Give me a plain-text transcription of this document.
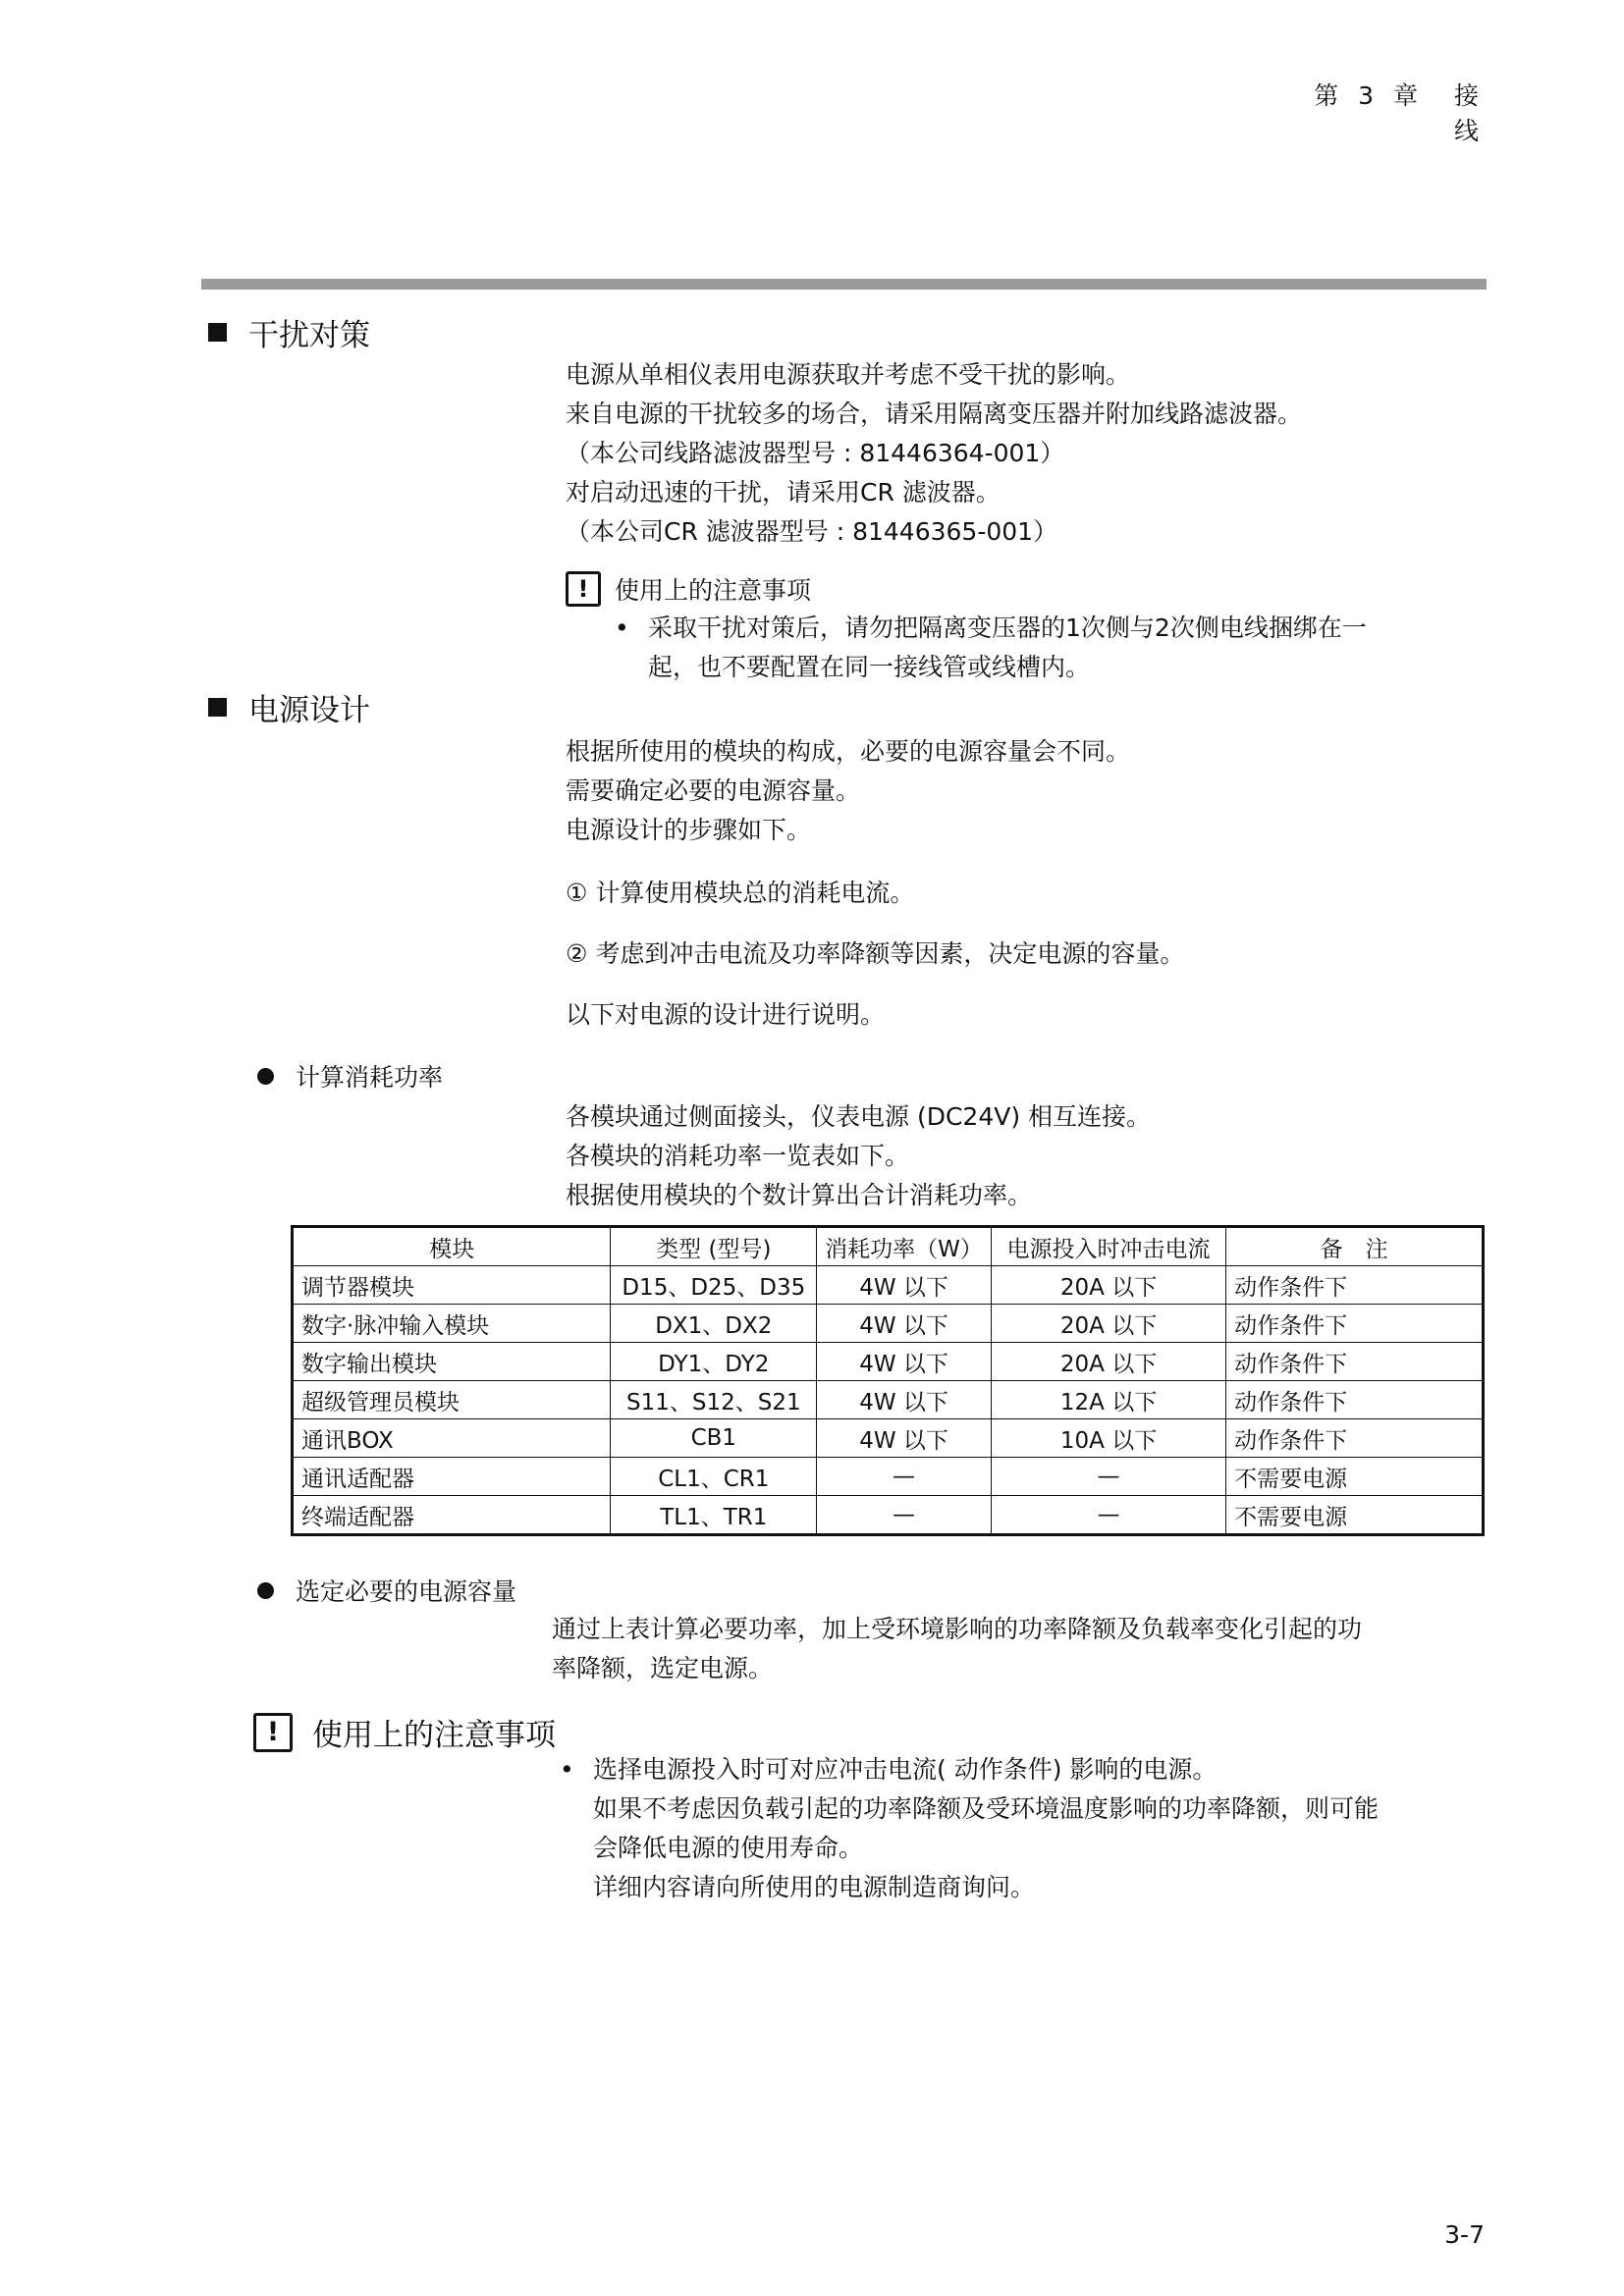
第 3 章　接　线
干扰对策
电源从单相仪表用电源获取并考虑不受干扰的影响。
来自电源的干扰较多的场合，请采用隔离变压器并附加线路滤波器。
（本公司线路滤波器型号 : 81446364-001）
对启动迅速的干扰，请采用CR 滤波器。
（本公司CR 滤波器型号 : 81446365-001）
!	使用上的注意事项
• 采取干扰对策后，请勿把隔离变压器的1次侧与2次侧电线捆绑在一
起，也不要配置在同一接线管或线槽内。
电源设计
根据所使用的模块的构成，必要的电源容量会不同。
需要确定必要的电源容量。
电源设计的步骤如下。
① 计算使用模块总的消耗电流。
② 考虑到冲击电流及功率降额等因素，决定电源的容量。
以下对电源的设计进行说明。
计算消耗功率
各模块通过侧面接头，仪表电源 (DC24V) 相互连接。
各模块的消耗功率一览表如下。
根据使用模块的个数计算出合计消耗功率。
模块	类型 (型号)	消耗功率（W）	电源投入时冲击电流	备　注
调节器模块	D15、D25、D35	4W 以下	20A 以下	动作条件下
数字·脉冲输入模块	DX1、DX2	4W 以下	20A 以下	动作条件下
数字输出模块	DY1、DY2	4W 以下	20A 以下	动作条件下
超级管理员模块	S11、S12、S21	4W 以下	12A 以下	动作条件下
通讯BOX	CB1	4W 以下	10A 以下	动作条件下
通讯适配器	CL1、CR1	—	—	不需要电源
终端适配器	TL1、TR1	—	—	不需要电源
选定必要的电源容量
通过上表计算必要功率，加上受环境影响的功率降额及负载率变化引起的功
率降额，选定电源。
!	使用上的注意事项
• 选择电源投入时可对应冲击电流( 动作条件) 影响的电源。
如果不考虑因负载引起的功率降额及受环境温度影响的功率降额，则可能
会降低电源的使用寿命。
详细内容请向所使用的电源制造商询问。
3-7
